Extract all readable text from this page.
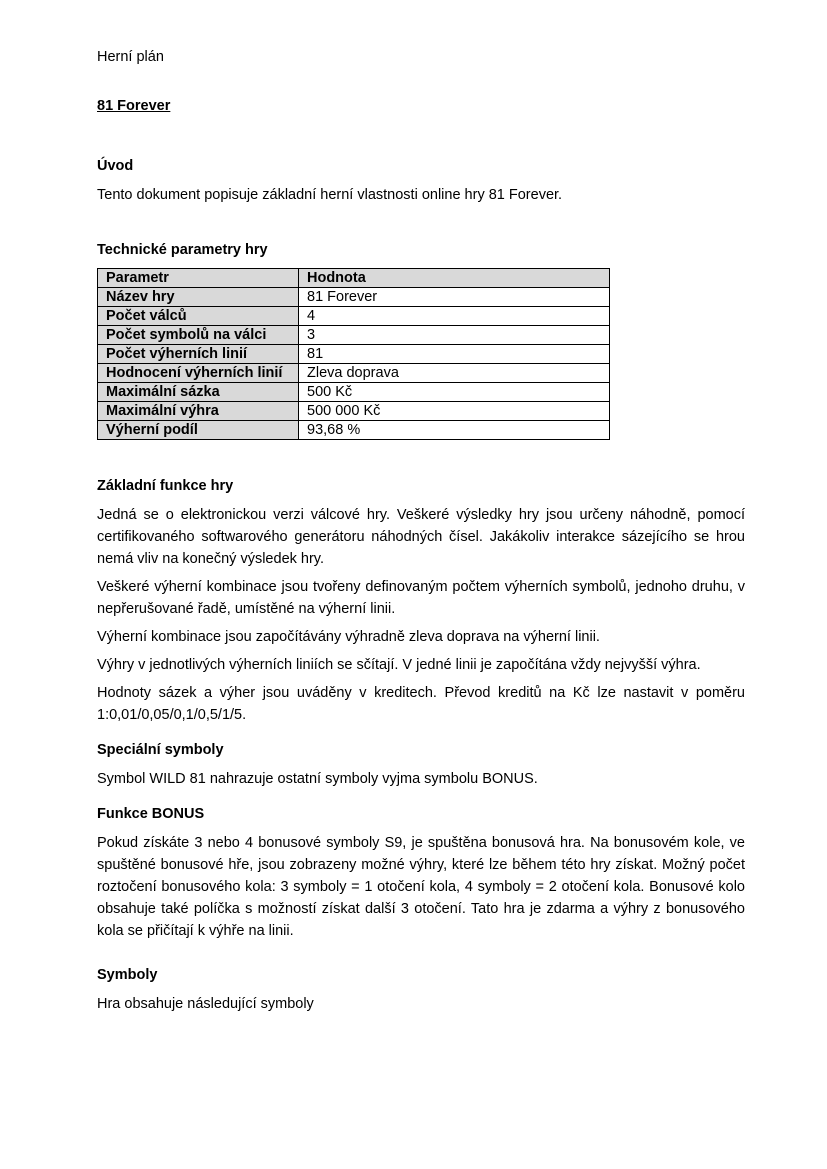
Herní plán

81 Forever

Úvod

Tento dokument popisuje základní herní vlastnosti online hry 81 Forever.

Technické parametry hry
Parametr	Hodnota
Název hry	81 Forever
Počet válců	4
Počet symbolů na válci	3
Počet výherních linií	81
Hodnocení výherních linií	Zleva doprava
Maximální sázka	500 Kč
Maximální výhra	500 000 Kč
Výherní podíl	93,68 %
Základní funkce hry

Jedná se o elektronickou verzi válcové hry. Veškeré výsledky hry jsou určeny náhodně, pomocí certifikovaného softwarového generátoru náhodných čísel. Jakákoliv interakce sázejícího se hrou nemá vliv na konečný výsledek hry.

Veškeré výherní kombinace jsou tvořeny definovaným počtem výherních symbolů, jednoho druhu, v nepřerušované řadě, umístěné na výherní linii.

Výherní kombinace jsou započítávány výhradně zleva doprava na výherní linii.

Výhry v jednotlivých výherních liniích se sčítají. V jedné linii je započítána vždy nejvyšší výhra.

Hodnoty sázek a výher jsou uváděny v kreditech. Převod kreditů na Kč lze nastavit v poměru 1:0,01/0,05/0,1/0,5/1/5.

Speciální symboly

Symbol WILD 81 nahrazuje ostatní symboly vyjma symbolu BONUS.

Funkce BONUS

Pokud získáte 3 nebo 4 bonusové symboly S9, je spuštěna bonusová hra. Na bonusovém kole, ve spuštěné bonusové hře, jsou zobrazeny možné výhry, které lze během této hry získat. Možný počet roztočení bonusového kola: 3 symboly = 1 otočení kola, 4 symboly = 2 otočení kola. Bonusové kolo obsahuje také políčka s možností získat další 3 otočení. Tato hra je zdarma a výhry z bonusového kola se přičítají k výhře na linii.

Symboly

Hra obsahuje následující symboly
